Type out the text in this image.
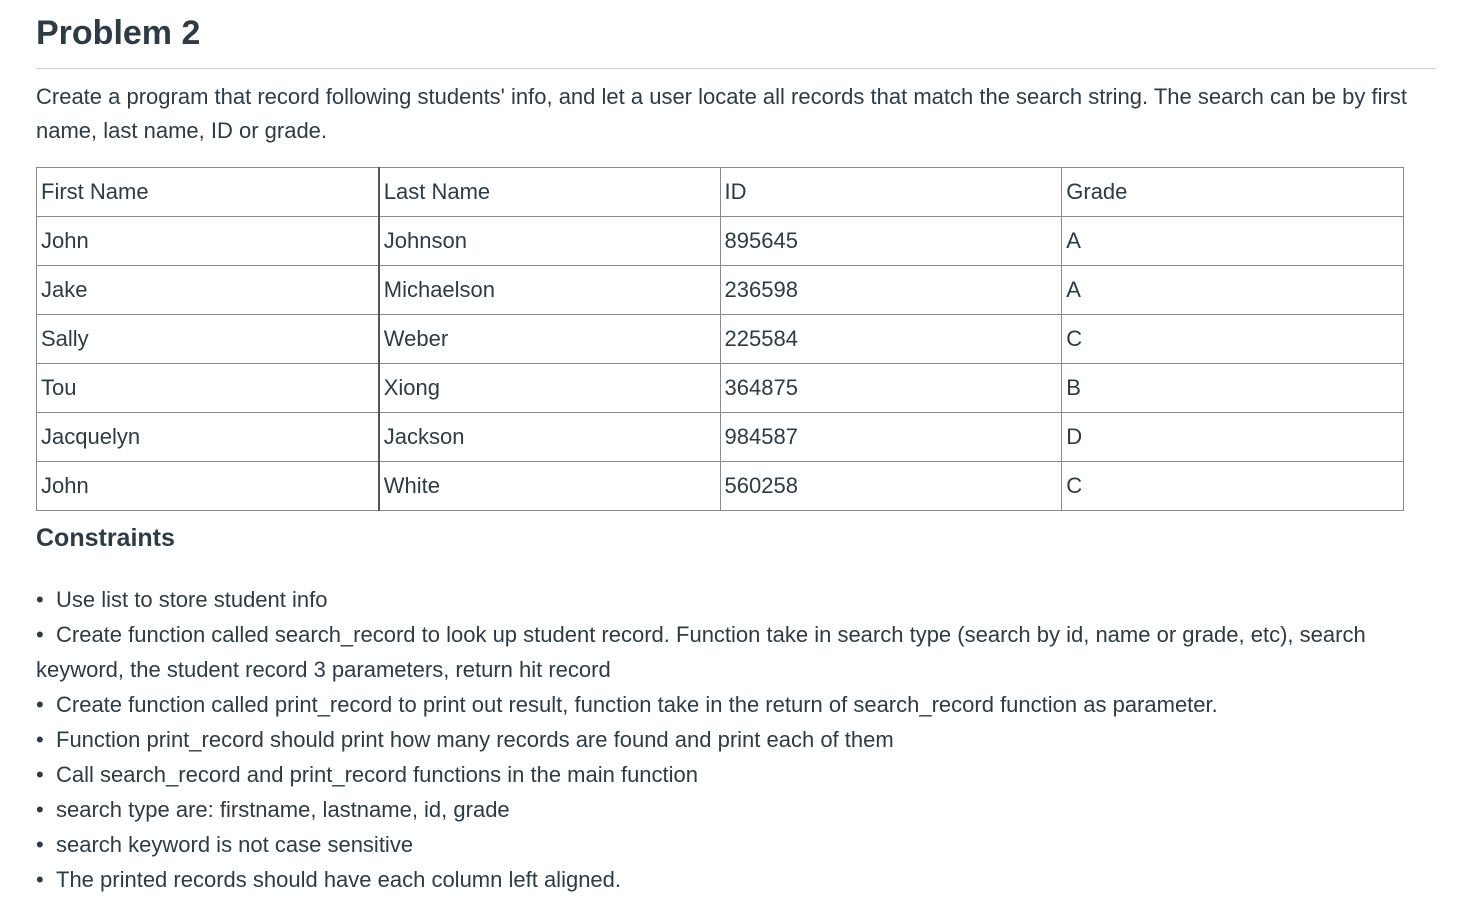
Problem 2

Create a program that record following students' info, and let a user locate all records that match the search string. The search can be by first name, last name, ID or grade.

First Name	Last Name	ID	Grade
John	Johnson	895645	A
Jake	Michaelson	236598	A
Sally	Weber	225584	C
Tou	Xiong	364875	B
Jacquelyn	Jackson	984587	D
John	White	560258	C
Constraints
• Use list to store student info
• Create function called search_record to look up student record. Function take in search type (search by id, name or grade, etc), search keyword, the student record 3 parameters, return hit record
• Create function called print_record to print out result, function take in the return of search_record function as parameter.
• Function print_record should print how many records are found and print each of them
• Call search_record and print_record functions in the main function
• search type are: firstname, lastname, id, grade
• search keyword is not case sensitive
• The printed records should have each column left aligned.
